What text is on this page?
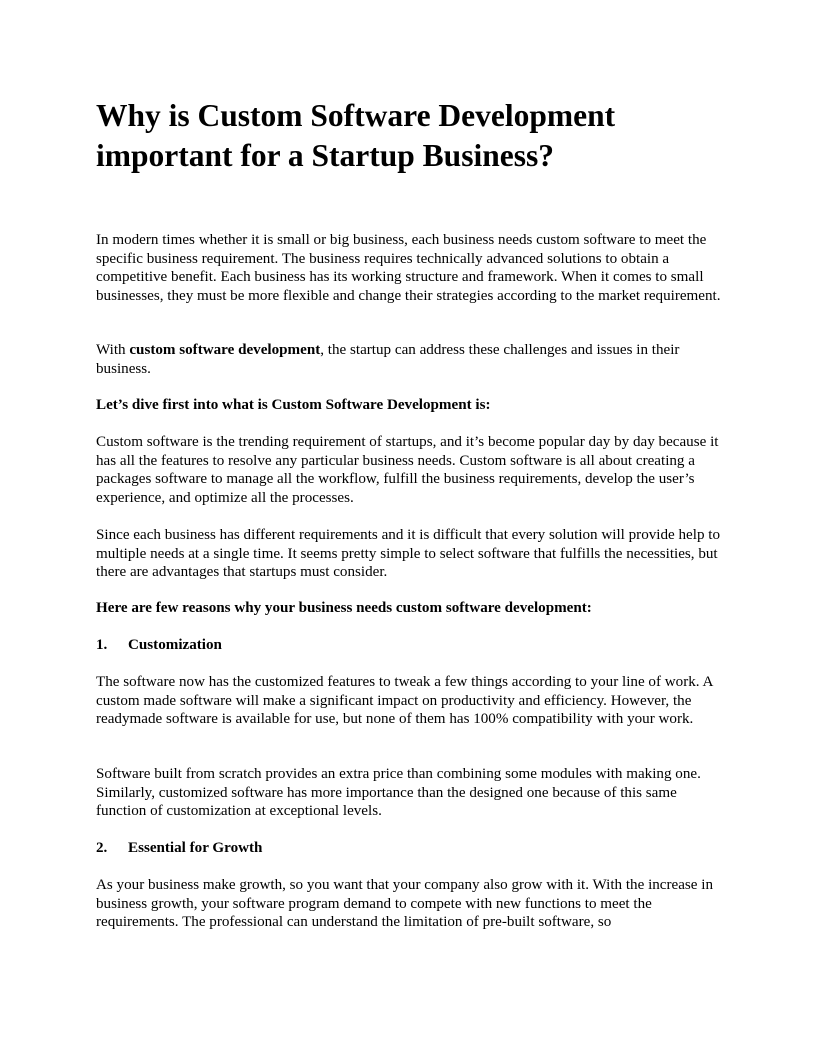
Why is Custom Software Development
important for a Startup Business?

In modern times whether it is small or big business, each business needs custom software to meet the specific business requirement. The business requires technically advanced solutions to obtain a competitive benefit. Each business has its working structure and framework. When it comes to small businesses, they must be more flexible and change their strategies according to the market requirement.

With custom software development, the startup can address these challenges and issues in their business.

Let’s dive first into what is Custom Software Development is:

Custom software is the trending requirement of startups, and it’s become popular day by day because it has all the features to resolve any particular business needs. Custom software is all about creating a packages software to manage all the workflow, fulfill the business requirements, develop the user’s experience, and optimize all the processes.

Since each business has different requirements and it is difficult that every solution will provide help to multiple needs at a single time. It seems pretty simple to select software that fulfills the necessities, but there are advantages that startups must consider.

Here are few reasons why your business needs custom software development:

1.	Customization

The software now has the customized features to tweak a few things according to your line of work. A custom made software will make a significant impact on productivity and efficiency. However, the readymade software is available for use, but none of them has 100% compatibility with your work.

Software built from scratch provides an extra price than combining some modules with making one. Similarly, customized software has more importance than the designed one because of this same function of customization at exceptional levels.

2.	Essential for Growth

As your business make growth, so you want that your company also grow with it. With the increase in business growth, your software program demand to compete with new functions to meet the requirements. The professional can understand the limitation of pre-built software, so
